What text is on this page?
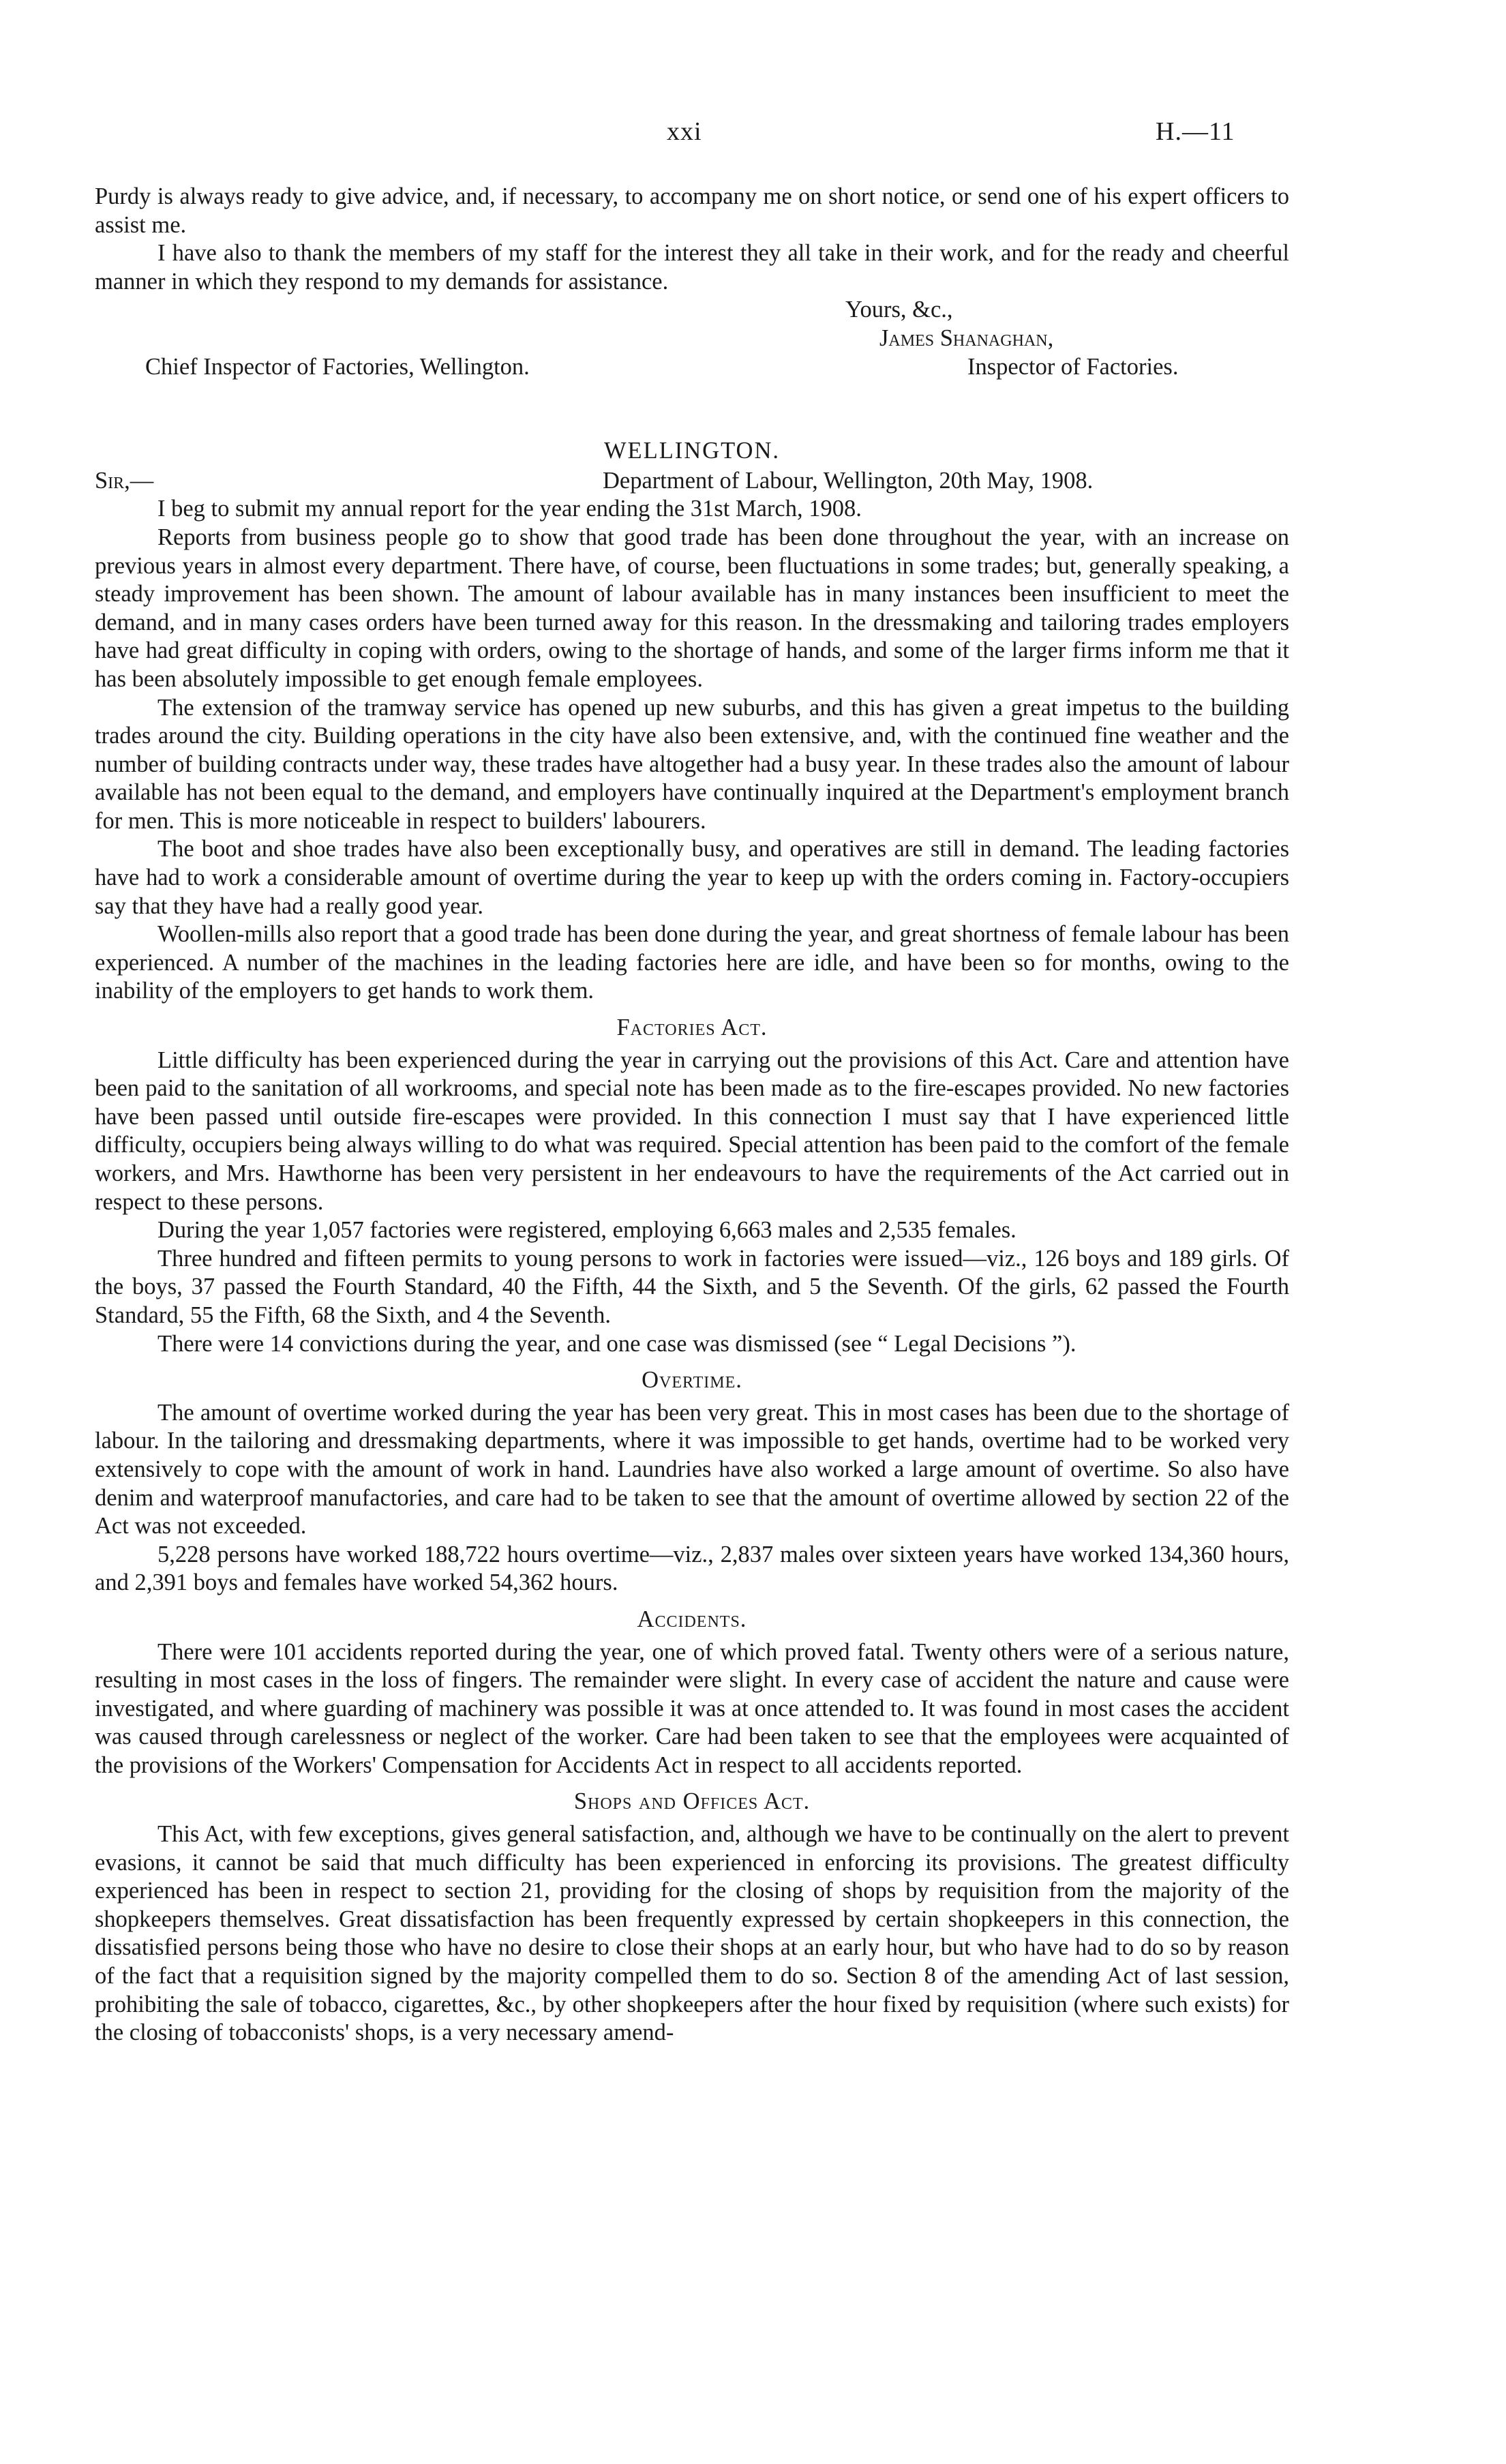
xxi	H.—11

Purdy is always ready to give advice, and, if necessary, to accompany me on short notice, or send one of his expert officers to assist me.

I have also to thank the members of my staff for the interest they all take in their work, and for the ready and cheerful manner in which they respond to my demands for assistance.

Yours, &c.,
James Shanaghan,
Chief Inspector of Factories, Wellington.	Inspector of Factories.
WELLINGTON.
Sir,—	Department of Labour, Wellington, 20th May, 1908.

I beg to submit my annual report for the year ending the 31st March, 1908.

Reports from business people go to show that good trade has been done throughout the year, with an increase on previous years in almost every department. There have, of course, been fluctuations in some trades; but, generally speaking, a steady improvement has been shown. The amount of labour available has in many instances been insufficient to meet the demand, and in many cases orders have been turned away for this reason. In the dressmaking and tailoring trades employers have had great difficulty in coping with orders, owing to the shortage of hands, and some of the larger firms inform me that it has been absolutely impossible to get enough female employees.

The extension of the tramway service has opened up new suburbs, and this has given a great impetus to the building trades around the city. Building operations in the city have also been extensive, and, with the continued fine weather and the number of building contracts under way, these trades have altogether had a busy year. In these trades also the amount of labour available has not been equal to the demand, and employers have continually inquired at the Department's employment branch for men. This is more noticeable in respect to builders' labourers.

The boot and shoe trades have also been exceptionally busy, and operatives are still in demand. The leading factories have had to work a considerable amount of overtime during the year to keep up with the orders coming in. Factory-occupiers say that they have had a really good year.

Woollen-mills also report that a good trade has been done during the year, and great shortness of female labour has been experienced. A number of the machines in the leading factories here are idle, and have been so for months, owing to the inability of the employers to get hands to work them.

Factories Act.

Little difficulty has been experienced during the year in carrying out the provisions of this Act. Care and attention have been paid to the sanitation of all workrooms, and special note has been made as to the fire-escapes provided. No new factories have been passed until outside fire-escapes were provided. In this connection I must say that I have experienced little difficulty, occupiers being always willing to do what was required. Special attention has been paid to the comfort of the female workers, and Mrs. Hawthorne has been very persistent in her endeavours to have the requirements of the Act carried out in respect to these persons.

During the year 1,057 factories were registered, employing 6,663 males and 2,535 females.

Three hundred and fifteen permits to young persons to work in factories were issued—viz., 126 boys and 189 girls. Of the boys, 37 passed the Fourth Standard, 40 the Fifth, 44 the Sixth, and 5 the Seventh. Of the girls, 62 passed the Fourth Standard, 55 the Fifth, 68 the Sixth, and 4 the Seventh.

There were 14 convictions during the year, and one case was dismissed (see “ Legal Decisions ”).

Overtime.

The amount of overtime worked during the year has been very great. This in most cases has been due to the shortage of labour. In the tailoring and dressmaking departments, where it was impossible to get hands, overtime had to be worked very extensively to cope with the amount of work in hand. Laundries have also worked a large amount of overtime. So also have denim and waterproof manufactories, and care had to be taken to see that the amount of overtime allowed by section 22 of the Act was not exceeded.

5,228 persons have worked 188,722 hours overtime—viz., 2,837 males over sixteen years have worked 134,360 hours, and 2,391 boys and females have worked 54,362 hours.

Accidents.

There were 101 accidents reported during the year, one of which proved fatal. Twenty others were of a serious nature, resulting in most cases in the loss of fingers. The remainder were slight. In every case of accident the nature and cause were investigated, and where guarding of machinery was possible it was at once attended to. It was found in most cases the accident was caused through carelessness or neglect of the worker. Care had been taken to see that the employees were acquainted of the provisions of the Workers' Compensation for Accidents Act in respect to all accidents reported.

Shops and Offices Act.

This Act, with few exceptions, gives general satisfaction, and, although we have to be continually on the alert to prevent evasions, it cannot be said that much difficulty has been experienced in enforcing its provisions. The greatest difficulty experienced has been in respect to section 21, providing for the closing of shops by requisition from the majority of the shopkeepers themselves. Great dissatisfaction has been frequently expressed by certain shopkeepers in this connection, the dissatisfied persons being those who have no desire to close their shops at an early hour, but who have had to do so by reason of the fact that a requisition signed by the majority compelled them to do so. Section 8 of the amending Act of last session, prohibiting the sale of tobacco, cigarettes, &c., by other shopkeepers after the hour fixed by requisition (where such exists) for the closing of tobacconists' shops, is a very necessary amend-
